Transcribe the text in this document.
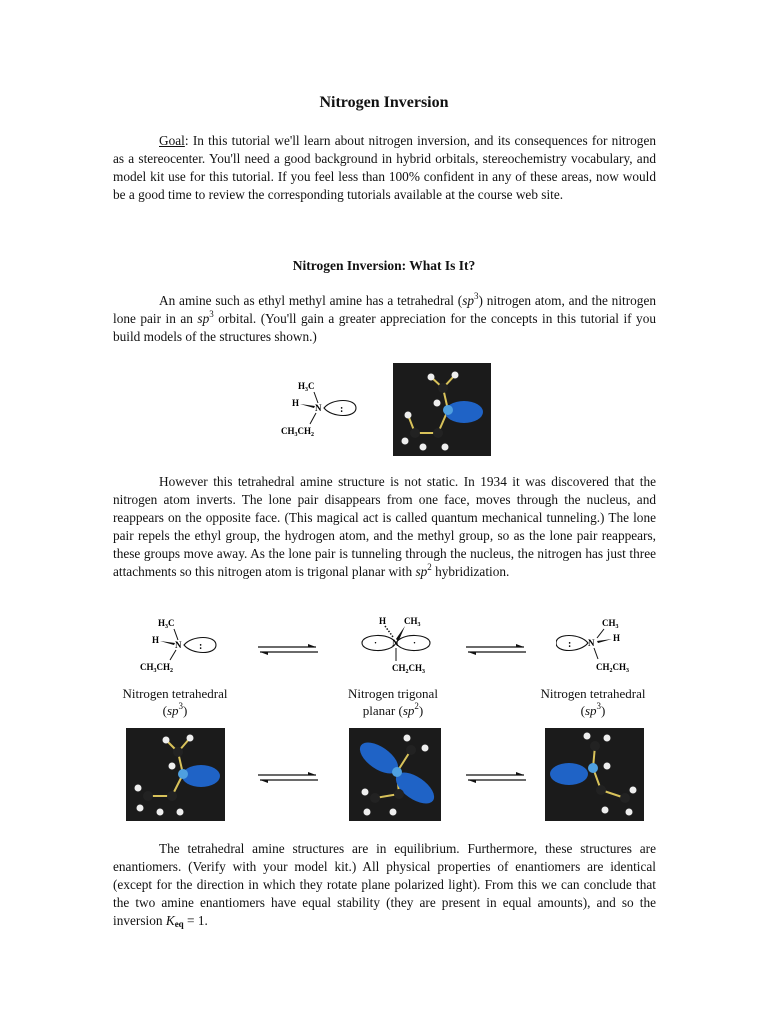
Nitrogen Inversion

Goal: In this tutorial we'll learn about nitrogen inversion, and its consequences for nitrogen as a stereocenter. You'll need a good background in hybrid orbitals, stereochemistry vocabulary, and model kit use for this tutorial. If you feel less than 100% confident in any of these areas, now would be a good time to review the corresponding tutorials available at the course web site.

Nitrogen Inversion: What Is It?

An amine such as ethyl methyl amine has a tetrahedral $(sp^3)$ nitrogen atom, and the nitrogen lone pair in an $sp^3$ orbital. (You'll gain a greater appreciation for the concepts in this tutorial if you build models of the structures shown.)

$H_3C$
H N
$CH_3CH_2$
:

However this tetrahedral amine structure is not static. In 1934 it was discovered that the nitrogen atom inverts. The lone pair disappears from one face, moves through the nucleus, and reappears on the opposite face. (This magical act is called quantum mechanical tunneling.) The lone pair repels the ethyl group, the hydrogen atom, and the methyl group, so as the lone pair reappears, these groups move away. As the lone pair is tunneling through the nucleus, the nitrogen has just three attachments so this nitrogen atom is trigonal planar with $sp^2$ hybridization.

$H_3C$
H N
$CH_3CH_2$
:
H $CH_3$
N
·	·
$CH_2CH_3$
$CH_3$
H
N
$CH_2CH_3$
:
Nitrogen tetrahedral
$(sp^3)$
Nitrogen trigonal
planar $(sp^2)$
Nitrogen tetrahedral
$(sp^3)$

The tetrahedral amine structures are in equilibrium. Furthermore, these structures are enantiomers. (Verify with your model kit.) All physical properties of enantiomers are identical (except for the direction in which they rotate plane polarized light). From this we can conclude that the two amine enantiomers have equal stability (they are present in equal amounts), and so the inversion $K_{eq} = 1$.
